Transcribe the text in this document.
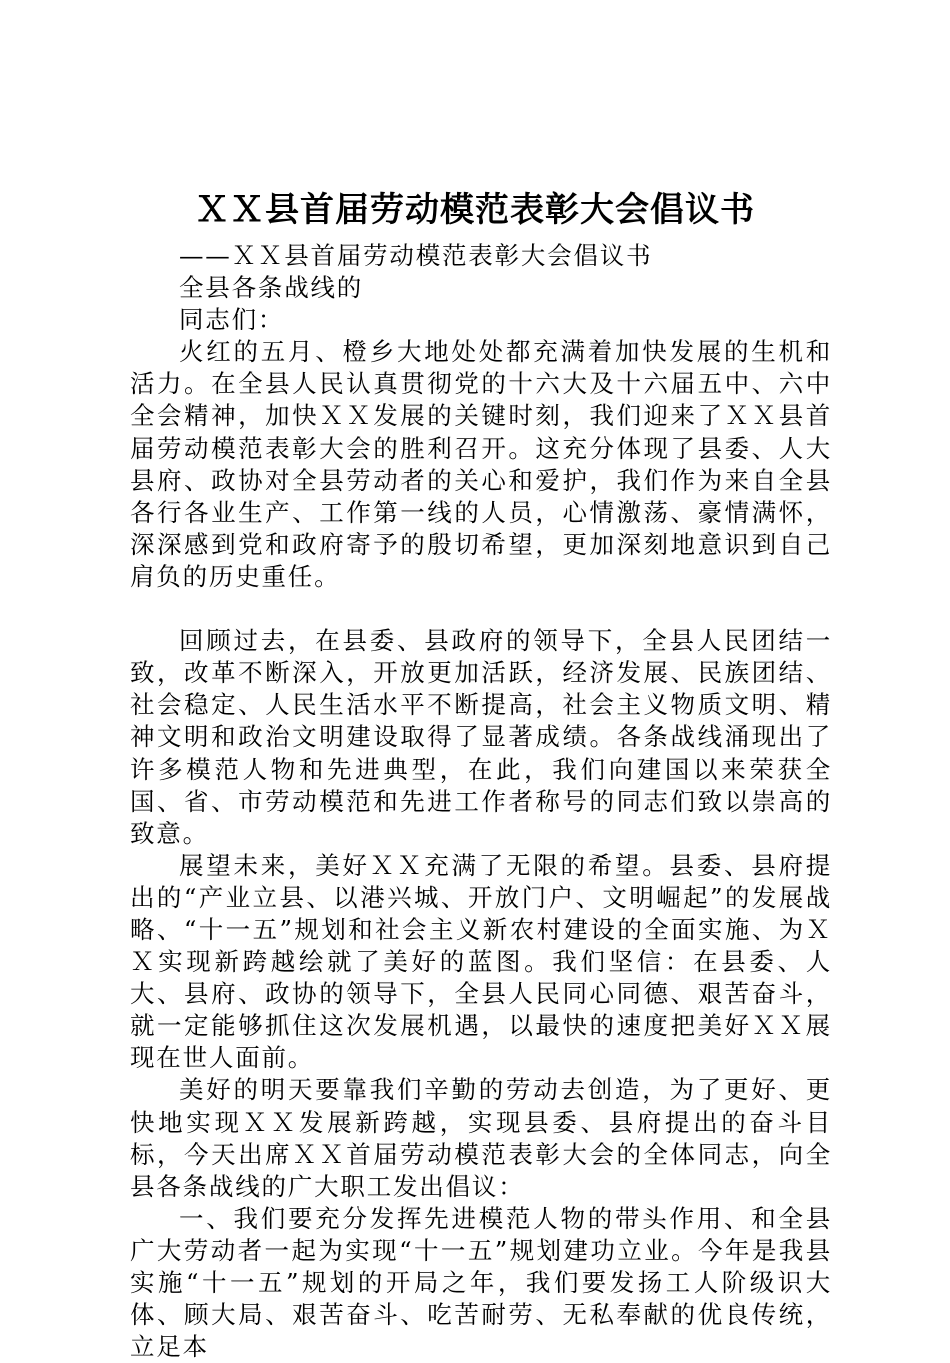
ＸＸ县首届劳动模范表彰大会倡议书

——ＸＸ县首届劳动模范表彰大会倡议书

全县各条战线的

同志们：

火红的五月、橙乡大地处处都充满着加快发展的生机和活力。在全县人民认真贯彻党的十六大及十六届五中、六中全会精神，加快ＸＸ发展的关键时刻，我们迎来了ＸＸ县首届劳动模范表彰大会的胜利召开。这充分体现了县委、人大县府、政协对全县劳动者的关心和爱护，我们作为来自全县各行各业生产、工作第一线的人员，心情激荡、豪情满怀，深深感到党和政府寄予的殷切希望，更加深刻地意识到自己肩负的历史重任。

回顾过去，在县委、县政府的领导下，全县人民团结一致，改革不断深入，开放更加活跃，经济发展、民族团结、社会稳定、人民生活水平不断提高，社会主义物质文明、精神文明和政治文明建设取得了显著成绩。各条战线涌现出了许多模范人物和先进典型，在此，我们向建国以来荣获全国、省、市劳动模范和先进工作者称号的同志们致以崇高的致意。

展望未来，美好ＸＸ充满了无限的希望。县委、县府提出的“产业立县、以港兴城、开放门户、文明崛起”的发展战略、“十一五”规划和社会主义新农村建设的全面实施、为ＸＸ实现新跨越绘就了美好的蓝图。我们坚信：在县委、人大、县府、政协的领导下，全县人民同心同德、艰苦奋斗，就一定能够抓住这次发展机遇，以最快的速度把美好ＸＸ展现在世人面前。

美好的明天要靠我们辛勤的劳动去创造，为了更好、更快地实现ＸＸ发展新跨越，实现县委、县府提出的奋斗目标，今天出席ＸＸ首届劳动模范表彰大会的全体同志，向全县各条战线的广大职工发出倡议：

一、我们要充分发挥先进模范人物的带头作用、和全县广大劳动者一起为实现“十一五”规划建功立业。今年是我县实施“十一五”规划的开局之年，我们要发扬工人阶级识大体、顾大局、艰苦奋斗、吃苦耐劳、无私奉献的优良传统，立足本
